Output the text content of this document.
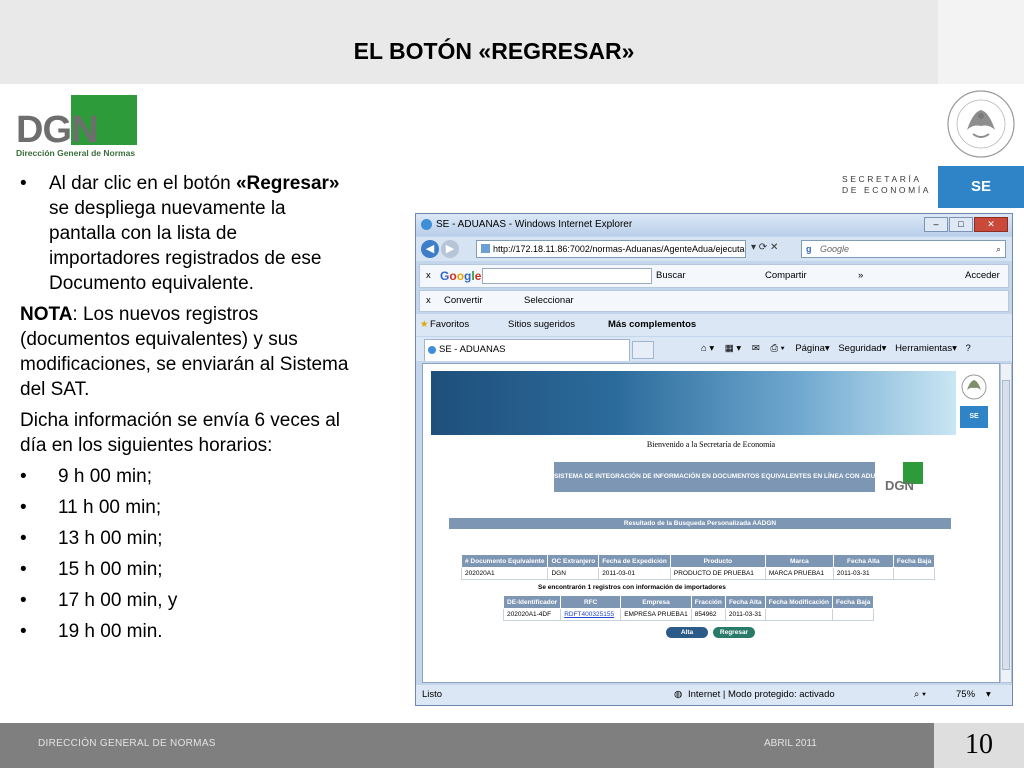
EL BOTÓN «REGRESAR»
DGN
Dirección General de Normas
SECRETARÍA
DE ECONOMÍA	SE
• Al dar clic en el botón «Regresar» se despliega nuevamente la pantalla con la lista de importadores registrados de ese Documento equivalente.
NOTA: Los nuevos registros (documentos equivalentes) y sus modificaciones, se enviarán al Sistema del SAT.
Dicha información se envía 6 veces al día en los siguientes horarios:
• 9 h 00 min;
• 11 h 00 min;
• 13 h 00 min;
• 15 h 00 min;
• 17 h 00 min, y
• 19 h 00 min.
SE - ADUANAS - Windows Internet Explorer	–	□	✕
◀	▶	http://172.18.11.86:7002/normas-Aduanas/AgenteAdua/ejecuta ▾ ⟳ ✕	g Google	⌕
x Google	Buscar	Compartir	»	Acceder
x Convertir	Seleccionar
★ Favoritos	Sitios sugeridos	Más complementos
SE - ADUANAS	⌂ ▾ ▦ ▾ ✉ ⎙ ▾ Página▾ Seguridad▾ Herramientas▾ ?
SE
Bienvenido a la Secretaría de Economía
SISTEMA DE INTEGRACIÓN DE INFORMACIÓN EN DOCUMENTOS EQUIVALENTES EN LÍNEA CON ADUANAS
DGN
Resultado de la Busqueda Personalizada AADGN
# Documento Equivalente	OC Extranjero	Fecha de Expedición	Producto	Marca	Fecha Alta	Fecha Baja
202020A1	DGN	2011-03-01	PRODUCTO DE PRUEBA1	MARCA PRUEBA1	2011-03-31	
Se encontrarón 1 registros con información de importadores
DE-Identificador	RFC	Empresa	Fracción	Fecha Alta	Fecha Modificación	Fecha Baja
202020A1-4DF	RDFT400325155	EMPRESA PRUEBA1	854962	2011-03-31		
Alta	Regresar
Listo	◍ Internet | Modo protegido: activado	⌕ ▾	75% ▾
DIRECCIÓN GENERAL DE NORMAS	ABRIL 2011	10
